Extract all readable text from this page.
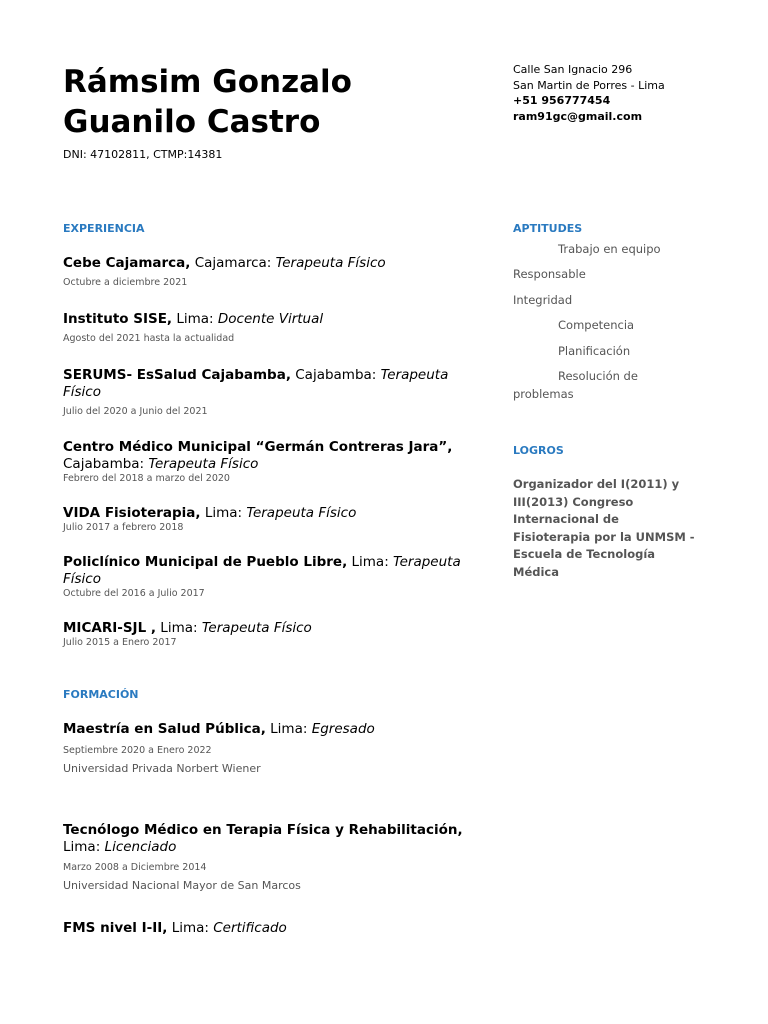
Rámsim Gonzalo
Guanilo Castro
DNI: 47102811, CTMP:14381
Calle San Ignacio 296
San Martin de Porres - Lima
+51 956777454
ram91gc@gmail.com
EXPERIENCIA
Cebe Cajamarca, Cajamarca: Terapeuta Físico
Octubre a diciembre 2021
Instituto SISE, Lima: Docente Virtual
Agosto del 2021 hasta la actualidad
SERUMS- EsSalud Cajabamba, Cajabamba: Terapeuta Físico
Julio del 2020 a Junio del 2021
Centro Médico Municipal “Germán Contreras Jara”, Cajabamba: Terapeuta Físico
Febrero del 2018 a marzo del 2020
VIDA Fisioterapia, Lima: Terapeuta Físico
Julio 2017 a febrero 2018
Policlínico Municipal de Pueblo Libre, Lima: Terapeuta Físico
Octubre del 2016 a Julio 2017
MICARI-SJL , Lima: Terapeuta Físico
Julio 2015 a Enero 2017
FORMACIÓN
Maestría en Salud Pública, Lima: Egresado
Septiembre 2020 a Enero 2022
Universidad Privada Norbert Wiener
Tecnólogo Médico en Terapia Física y Rehabilitación, Lima: Licenciado
Marzo 2008 a Diciembre 2014
Universidad Nacional Mayor de San Marcos
FMS nivel I-II, Lima: Certificado
APTITUDES
Trabajo en equipo
Responsable
Integridad
Competencia
Planificación
Resolución de problemas
LOGROS
Organizador del I(2011) y III(2013) Congreso Internacional de Fisioterapia por la UNMSM - Escuela de Tecnología Médica
